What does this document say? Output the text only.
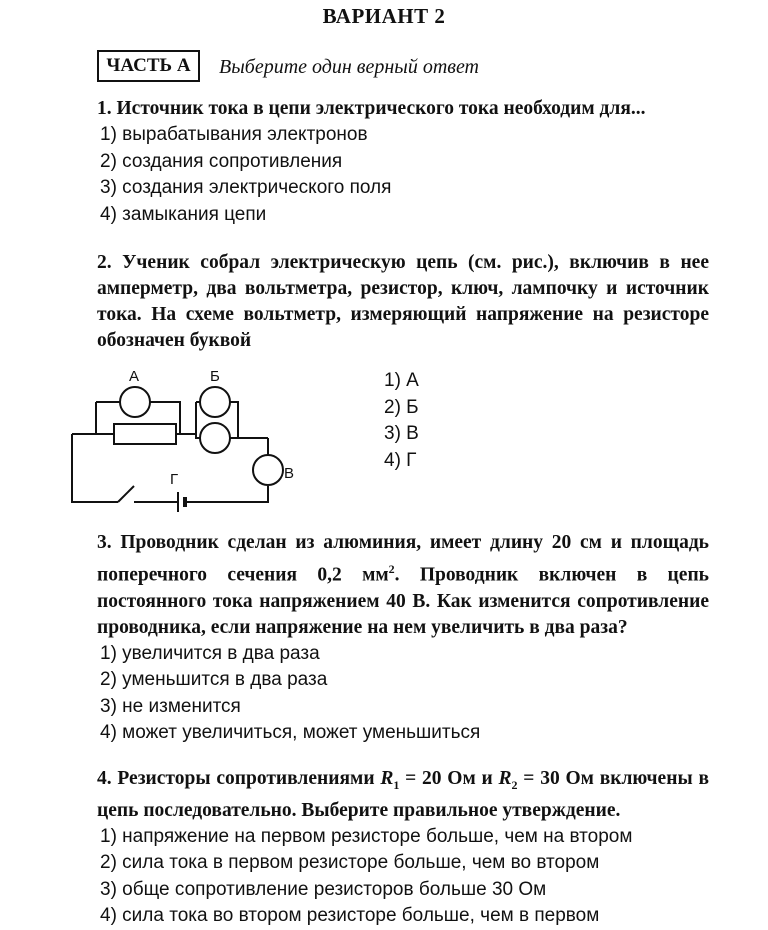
ВАРИАНТ 2
ЧАСТЬ А	Выберите один верный ответ
1. Источник тока в цепи электрического тока необходим для...
1) вырабатывания электронов
2) создания сопротивления
3) создания электрического поля
4) замыкания цепи
2. Ученик собрал электрическую цепь (см. рис.), включив в нее амперметр, два вольтметра, резистор, ключ, лампочку и источник тока. На схеме вольтметр, измеряющий напряжение на резисторе обозначен буквой
А	Б
В
Г
1) А
2) Б
3) В
4) Г
3. Проводник сделан из алюминия, имеет длину 20 см и площадь поперечного сечения 0,2 $мм^2$. Проводник включен в цепь постоянного тока напряжением 40 В. Как изменится сопротивление проводника, если напряжение на нем увеличить в два раза?
1) увеличится в два раза
2) уменьшится в два раза
3) не изменится
4) может увеличиться, может уменьшиться
4. Резисторы сопротивлениями $R_1 = 20$ Ом и $R_2 = 30$ Ом включены в цепь последовательно. Выберите правильное утверждение.
1) напряжение на первом резисторе больше, чем на втором
2) сила тока в первом резисторе больше, чем во втором
3) обще сопротивление резисторов больше 30 Ом
4) сила тока во втором резисторе больше, чем в первом
